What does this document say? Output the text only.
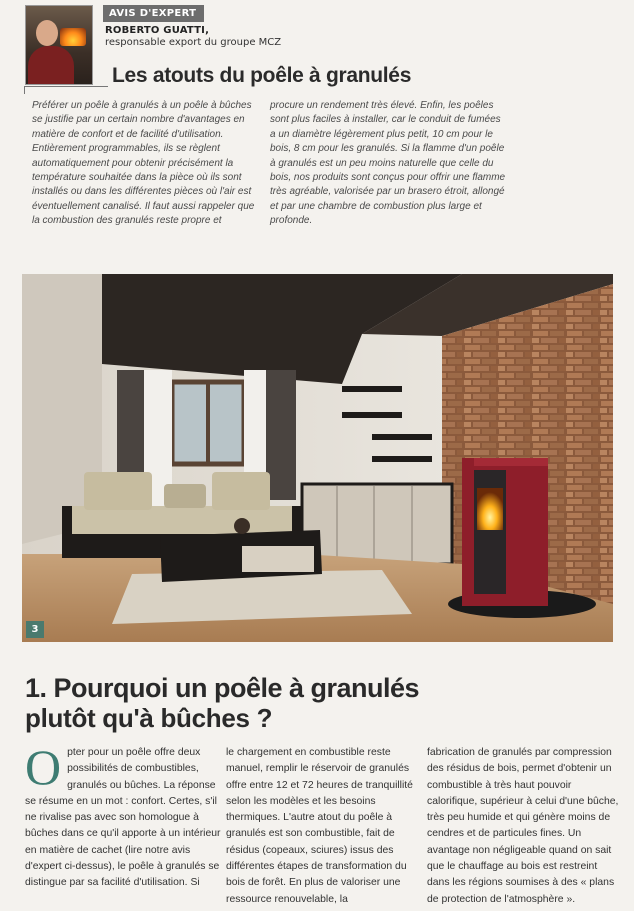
AVIS D'EXPERT
ROBERTO GUATTI,
responsable export du groupe MCZ
Les atouts du poêle à granulés

Préférer un poêle à granulés à un poêle à bûches se justifie par un certain nombre d'avantages en matière de confort et de facilité d'utilisation. Entièrement programmables, ils se règlent automatiquement pour obtenir précisément la température souhaitée dans la pièce où ils sont installés ou dans les différentes pièces où l'air est éventuellement canalisé. Il faut aussi rappeler que la combustion des granulés reste propre et

procure un rendement très élevé. Enfin, les poêles sont plus faciles à installer, car le conduit de fumées a un diamètre légèrement plus petit, 10 cm pour le bois, 8 cm pour les granulés. Si la flamme d'un poêle à granulés est un peu moins naturelle que celle du bois, nos produits sont conçus pour offrir une flamme très agréable, valorisée par un brasero étroit, allongé et par une chambre de combustion plus large et profonde.

3
1. Pourquoi un poêle à granulés
plutôt qu'à bûches ?

Opter pour un poêle offre deux possibilités de combustibles, granulés ou bûches. La réponse se résume en un mot : confort. Certes, s'il ne rivalise pas avec son homologue à bûches dans ce qu'il apporte à un intérieur en matière de cachet (lire notre avis d'expert ci-dessus), le poêle à granulés se distingue par sa facilité d'utilisation. Si

le chargement en combustible reste manuel, remplir le réservoir de granulés offre entre 12 et 72 heures de tranquillité selon les modèles et les besoins thermiques. L'autre atout du poêle à granulés est son combustible, fait de résidus (copeaux, sciures) issus des différentes étapes de transformation du bois de forêt. En plus de valoriser une ressource renouvelable, la

fabrication de granulés par compression des résidus de bois, permet d'obtenir un combustible à très haut pouvoir calorifique, supérieur à celui d'une bûche, très peu humide et qui génère moins de cendres et de particules fines. Un avantage non négligeable quand on sait que le chauffage au bois est restreint dans les régions soumises à des « plans de protection de l'atmosphère ».
